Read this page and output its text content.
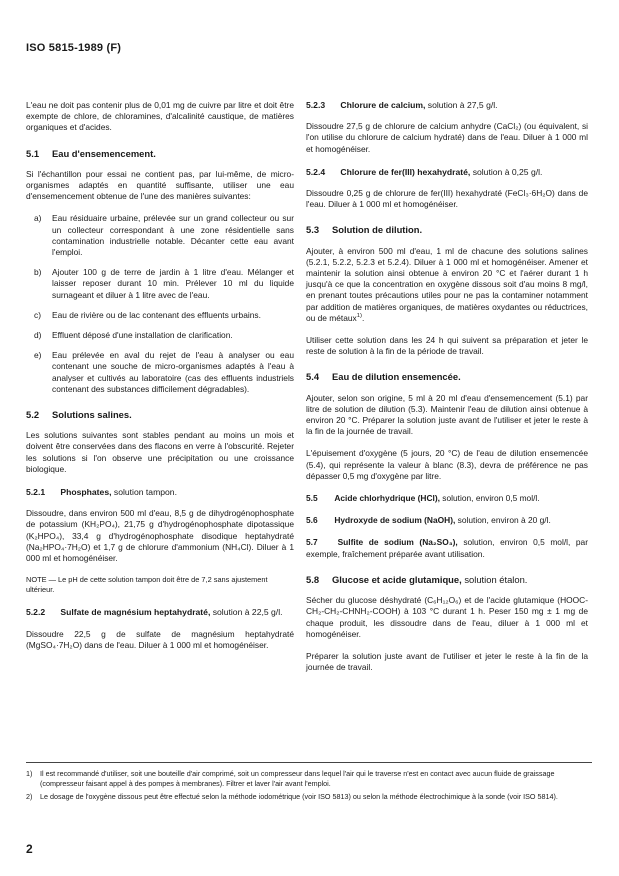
ISO 5815-1989 (F)

L'eau ne doit pas contenir plus de 0,01 mg de cuivre par litre et doit être exempte de chlore, de chloramines, d'alcalinité caustique, de matières organiques et d'acides.

5.1	Eau d'ensemencement.

Si l'échantillon pour essai ne contient pas, par lui-même, de micro-organismes adaptés en quantité suffisante, utiliser une eau d'ensemencement obtenue de l'une des manières suivantes:

a)	Eau résiduaire urbaine, prélevée sur un grand collecteur ou sur un collecteur correspondant à une zone résidentielle sans contamination industrielle notable. Décanter cette eau avant l'emploi.
b)	Ajouter 100 g de terre de jardin à 1 litre d'eau. Mélanger et laisser reposer durant 10 min. Prélever 10 ml du liquide surnageant et diluer à 1 litre avec de l'eau.
c)	Eau de rivière ou de lac contenant des effluents urbains.
d)	Effluent déposé d'une installation de clarification.
e)	Eau prélevée en aval du rejet de l'eau à analyser ou eau contenant une souche de micro-organismes adaptés à l'eau à analyser et cultivés au laboratoire (cas des effluents industriels contenant des substances difficilement dégradables).
5.2	Solutions salines.

Les solutions suivantes sont stables pendant au moins un mois et doivent être conservées dans des flacons en verre à l'obscurité. Rejeter les solutions si l'on observe une précipitation ou une croissance biologique.

5.2.1 Phosphates, solution tampon.

Dissoudre, dans environ 500 ml d'eau, 8,5 g de dihydrogénophosphate de potassium (KH₂PO₄), 21,75 g d'hydrogénophosphate dipotassique (K₂HPO₄), 33,4 g d'hydrogénophosphate disodique heptahydraté (Na₂HPO₄·7H₂O) et 1,7 g de chlorure d'ammonium (NH₄Cl). Diluer à 1 000 ml et homogénéiser.

NOTE — Le pH de cette solution tampon doit être de 7,2 sans ajustement ultérieur.
5.2.2 Sulfate de magnésium heptahydraté, solution à 22,5 g/l.

Dissoudre 22,5 g de sulfate de magnésium heptahydraté (MgSO₄·7H₂O) dans de l'eau. Diluer à 1 000 ml et homogénéiser.

5.2.3 Chlorure de calcium, solution à 27,5 g/l.

Dissoudre 27,5 g de chlorure de calcium anhydre (CaCl₂) (ou équivalent, si l'on utilise du chlorure de calcium hydraté) dans de l'eau. Diluer à 1 000 ml et homogénéiser.

5.2.4 Chlorure de fer(III) hexahydraté, solution à 0,25 g/l.

Dissoudre 0,25 g de chlorure de fer(III) hexahydraté (FeCl₃·6H₂O) dans de l'eau. Diluer à 1 000 ml et homogénéiser.

5.3	Solution de dilution.

Ajouter, à environ 500 ml d'eau, 1 ml de chacune des solutions salines (5.2.1, 5.2.2, 5.2.3 et 5.2.4). Diluer à 1 000 ml et homogénéiser. Amener et maintenir la solution ainsi obtenue à environ 20 °C et l'aérer durant 1 h jusqu'à ce que la concentration en oxygène dissous soit d'au moins 8 mg/l, en prenant toutes précautions utiles pour ne pas la contaminer notamment par addition de matières organiques, de matières oxydantes ou réductrices, ou de métaux$^{1)}$.

Utiliser cette solution dans les 24 h qui suivent sa préparation et jeter le reste de solution à la fin de la période de travail.

5.4	Eau de dilution ensemencée.

Ajouter, selon son origine, 5 ml à 20 ml d'eau d'ensemencement (5.1) par litre de solution de dilution (5.3). Maintenir l'eau de dilution ainsi obtenue à environ 20 °C. Préparer la solution juste avant de l'utiliser et jeter le reste à la fin de la journée de travail.

L'épuisement d'oxygène (5 jours, 20 °C) de l'eau de dilution ensemencée (5.4), qui représente la valeur à blanc (8.3), devra de préférence ne pas dépasser 0,5 mg d'oxygène par litre.

5.5 Acide chlorhydrique (HCl), solution, environ 0,5 mol/l.

5.6 Hydroxyde de sodium (NaOH), solution, environ à 20 g/l.

5.7 Sulfite de sodium (Na₂SO₃), solution, environ 0,5 mol/l, par exemple, fraîchement préparée avant utilisation.

5.8	Glucose et acide glutamique, solution étalon.

Sécher du glucose déshydraté (C₆H₁₂O₆) et de l'acide glutamique (HOOC-CH₂-CH₂-CHNH₂-COOH) à 103 °C durant 1 h. Peser 150 mg ± 1 mg de chaque produit, les dissoudre dans de l'eau, diluer à 1 000 ml et homogénéiser.

Préparer la solution juste avant de l'utiliser et jeter le reste à la fin de la journée de travail.

1)	Il est recommandé d'utiliser, soit une bouteille d'air comprimé, soit un compresseur dans lequel l'air qui le traverse n'est en contact avec aucun fluide de graissage (compresseur faisant appel à des pompes à membranes). Filtrer et laver l'air avant l'emploi.
2)	Le dosage de l'oxygène dissous peut être effectué selon la méthode iodométrique (voir ISO 5813) ou selon la méthode électrochimique à la sonde (voir ISO 5814).
2
